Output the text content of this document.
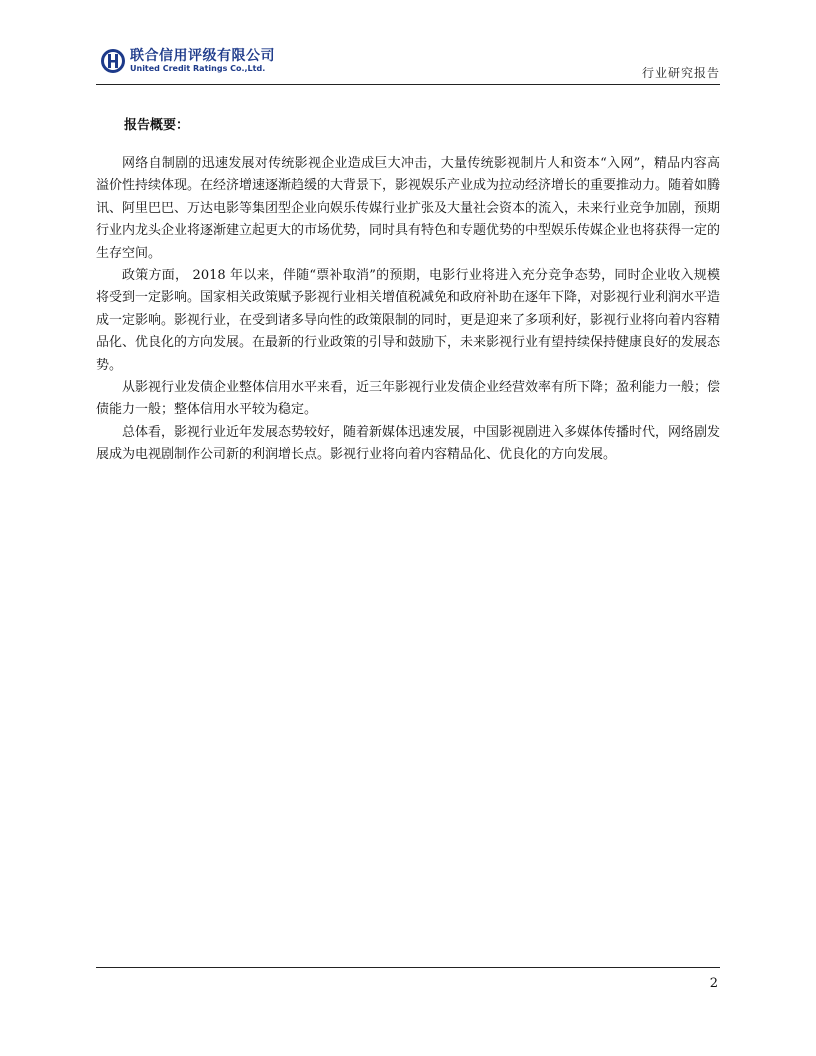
联合信用评级有限公司
United Credit Ratings Co.,Ltd.	行业研究报告
报告概要：

网络自制剧的迅速发展对传统影视企业造成巨大冲击，大量传统影视制片人和资本“入网”，精品内容高溢价性持续体现。在经济增速逐渐趋缓的大背景下，影视娱乐产业成为拉动经济增长的重要推动力。随着如腾讯、阿里巴巴、万达电影等集团型企业向娱乐传媒行业扩张及大量社会资本的流入，未来行业竞争加剧，预期行业内龙头企业将逐渐建立起更大的市场优势，同时具有特色和专题优势的中型娱乐传媒企业也将获得一定的生存空间。

政策方面， 2018 年以来，伴随“票补取消”的预期，电影行业将进入充分竞争态势，同时企业收入规模将受到一定影响。国家相关政策赋予影视行业相关增值税减免和政府补助在逐年下降，对影视行业利润水平造成一定影响。影视行业，在受到诸多导向性的政策限制的同时，更是迎来了多项利好，影视行业将向着内容精品化、优良化的方向发展。在最新的行业政策的引导和鼓励下，未来影视行业有望持续保持健康良好的发展态势。

从影视行业发债企业整体信用水平来看，近三年影视行业发债企业经营效率有所下降；盈利能力一般；偿债能力一般；整体信用水平较为稳定。

总体看，影视行业近年发展态势较好，随着新媒体迅速发展，中国影视剧进入多媒体传播时代，网络剧发展成为电视剧制作公司新的利润增长点。影视行业将向着内容精品化、优良化的方向发展。

2
